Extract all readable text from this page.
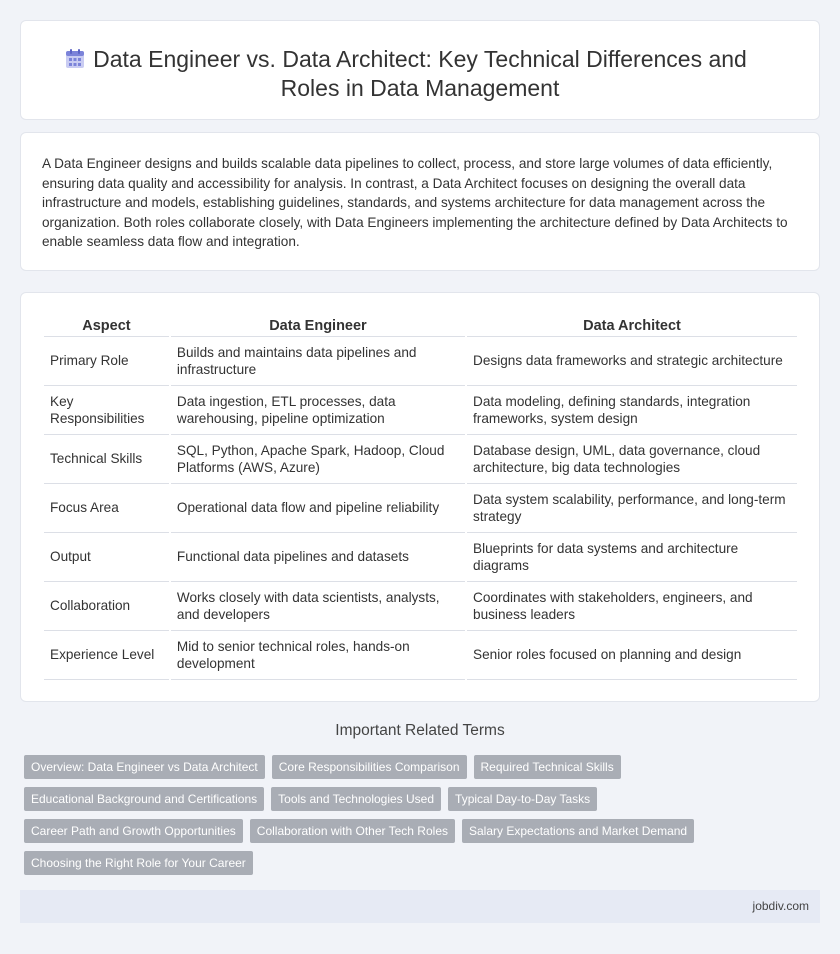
Data Engineer vs. Data Architect: Key Technical Differences and Roles in Data Management

A Data Engineer designs and builds scalable data pipelines to collect, process, and store large volumes of data efficiently, ensuring data quality and accessibility for analysis. In contrast, a Data Architect focuses on designing the overall data infrastructure and models, establishing guidelines, standards, and systems architecture for data management across the organization. Both roles collaborate closely, with Data Engineers implementing the architecture defined by Data Architects to enable seamless data flow and integration.

Aspect	Data Engineer	Data Architect
Primary Role	Builds and maintains data pipelines and infrastructure	Designs data frameworks and strategic architecture
Key Responsibilities	Data ingestion, ETL processes, data warehousing, pipeline optimization	Data modeling, defining standards, integration frameworks, system design
Technical Skills	SQL, Python, Apache Spark, Hadoop, Cloud Platforms (AWS, Azure)	Database design, UML, data governance, cloud architecture, big data technologies
Focus Area	Operational data flow and pipeline reliability	Data system scalability, performance, and long-term strategy
Output	Functional data pipelines and datasets	Blueprints for data systems and architecture diagrams
Collaboration	Works closely with data scientists, analysts, and developers	Coordinates with stakeholders, engineers, and business leaders
Experience Level	Mid to senior technical roles, hands-on development	Senior roles focused on planning and design
Important Related Terms
Overview: Data Engineer vs Data Architect	Core Responsibilities Comparison	Required Technical Skills
Educational Background and Certifications	Tools and Technologies Used	Typical Day-to-Day Tasks
Career Path and Growth Opportunities	Collaboration with Other Tech Roles	Salary Expectations and Market Demand
Choosing the Right Role for Your Career
jobdiv.com
